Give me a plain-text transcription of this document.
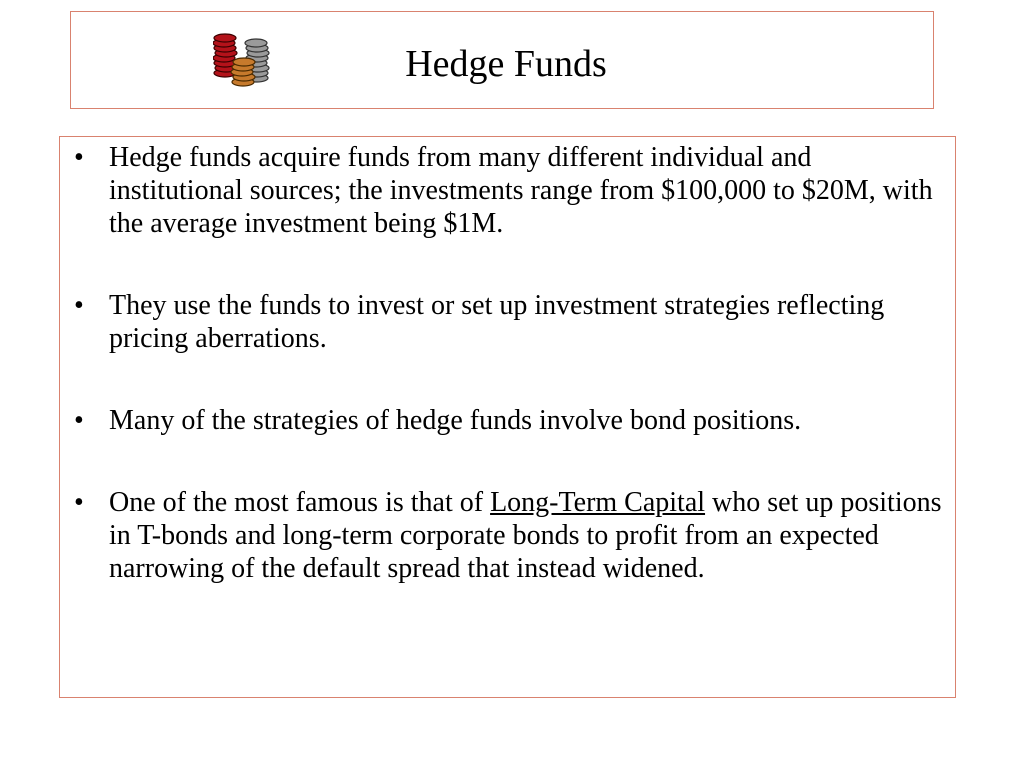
Hedge Funds
• Hedge funds acquire funds from many different individual and institutional sources; the investments range from $100,000 to $20M, with the average investment being $1M.
• They use the funds to invest or set up investment strategies reflecting pricing aberrations.
• Many of the strategies of hedge funds involve bond positions.
• One of the most famous is that of Long-Term Capital who set up positions in T-bonds and long-term corporate bonds to profit from an expected narrowing of the default spread that instead widened.
